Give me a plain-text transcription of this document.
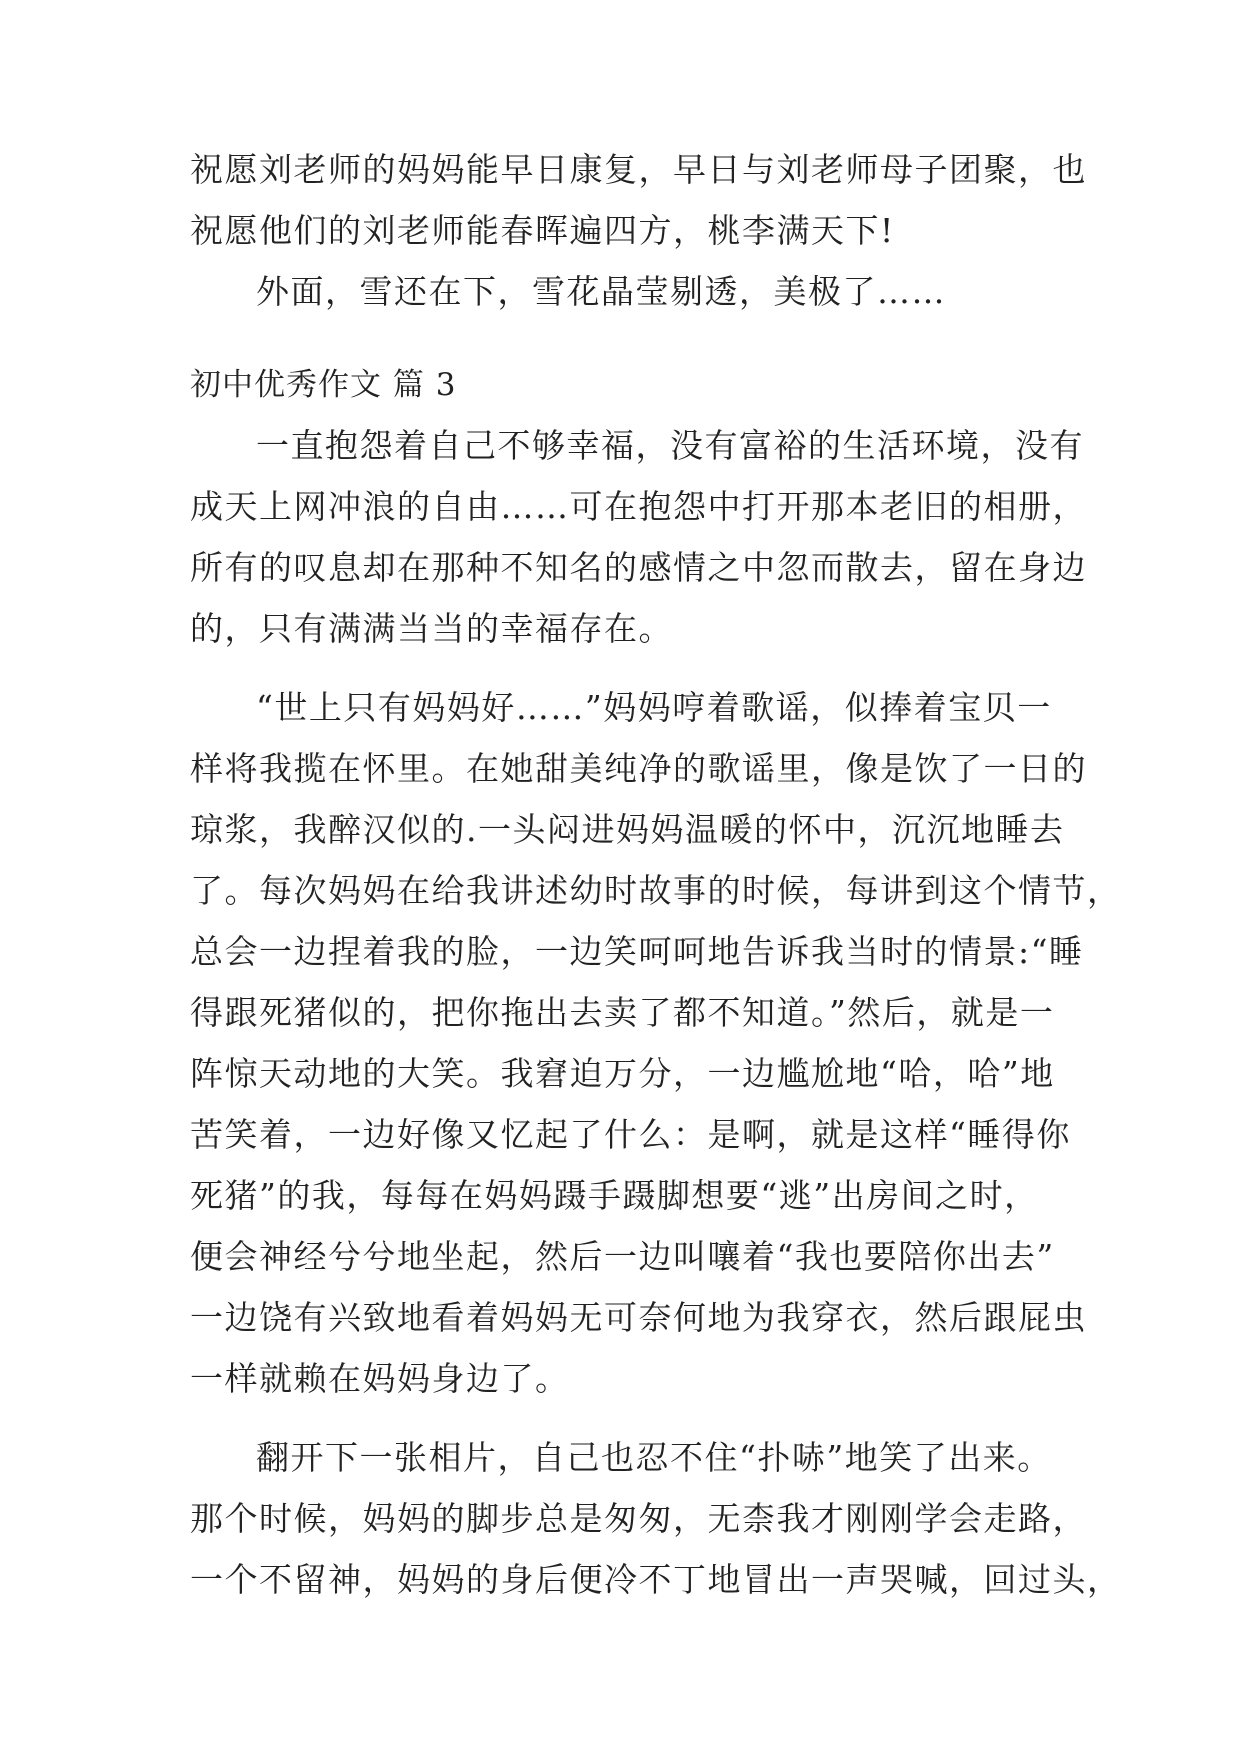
祝愿刘老师的妈妈能早日康复，早日与刘老师母子团聚，也
祝愿他们的刘老师能春晖遍四方，桃李满天下!
外面，雪还在下，雪花晶莹剔透，美极了……
初中优秀作文 篇 3
一直抱怨着自己不够幸福，没有富裕的生活环境，没有
成天上网冲浪的自由……可在抱怨中打开那本老旧的相册，
所有的叹息却在那种不知名的感情之中忽而散去，留在身边
的，只有满满当当的幸福存在。
“世上只有妈妈好……”妈妈哼着歌谣，似捧着宝贝一
样将我揽在怀里。在她甜美纯净的歌谣里，像是饮了一日的
琼浆，我醉汉似的.一头闷进妈妈温暖的怀中，沉沉地睡去
了。每次妈妈在给我讲述幼时故事的时候，每讲到这个情节，
总会一边捏着我的脸，一边笑呵呵地告诉我当时的情景:“睡
得跟死猪似的，把你拖出去卖了都不知道。”然后，就是一
阵惊天动地的大笑。我窘迫万分，一边尴尬地“哈，哈”地
苦笑着，一边好像又忆起了什么：是啊，就是这样“睡得你
死猪”的我，每每在妈妈蹑手蹑脚想要“逃”出房间之时，
便会神经兮兮地坐起，然后一边叫嚷着“我也要陪你出去”
一边饶有兴致地看着妈妈无可奈何地为我穿衣，然后跟屁虫
一样就赖在妈妈身边了。
翻开下一张相片，自己也忍不住“扑哧”地笑了出来。
那个时候，妈妈的脚步总是匆匆，无柰我才刚刚学会走路，
一个不留神，妈妈的身后便冷不丁地冒出一声哭喊，回过头，
